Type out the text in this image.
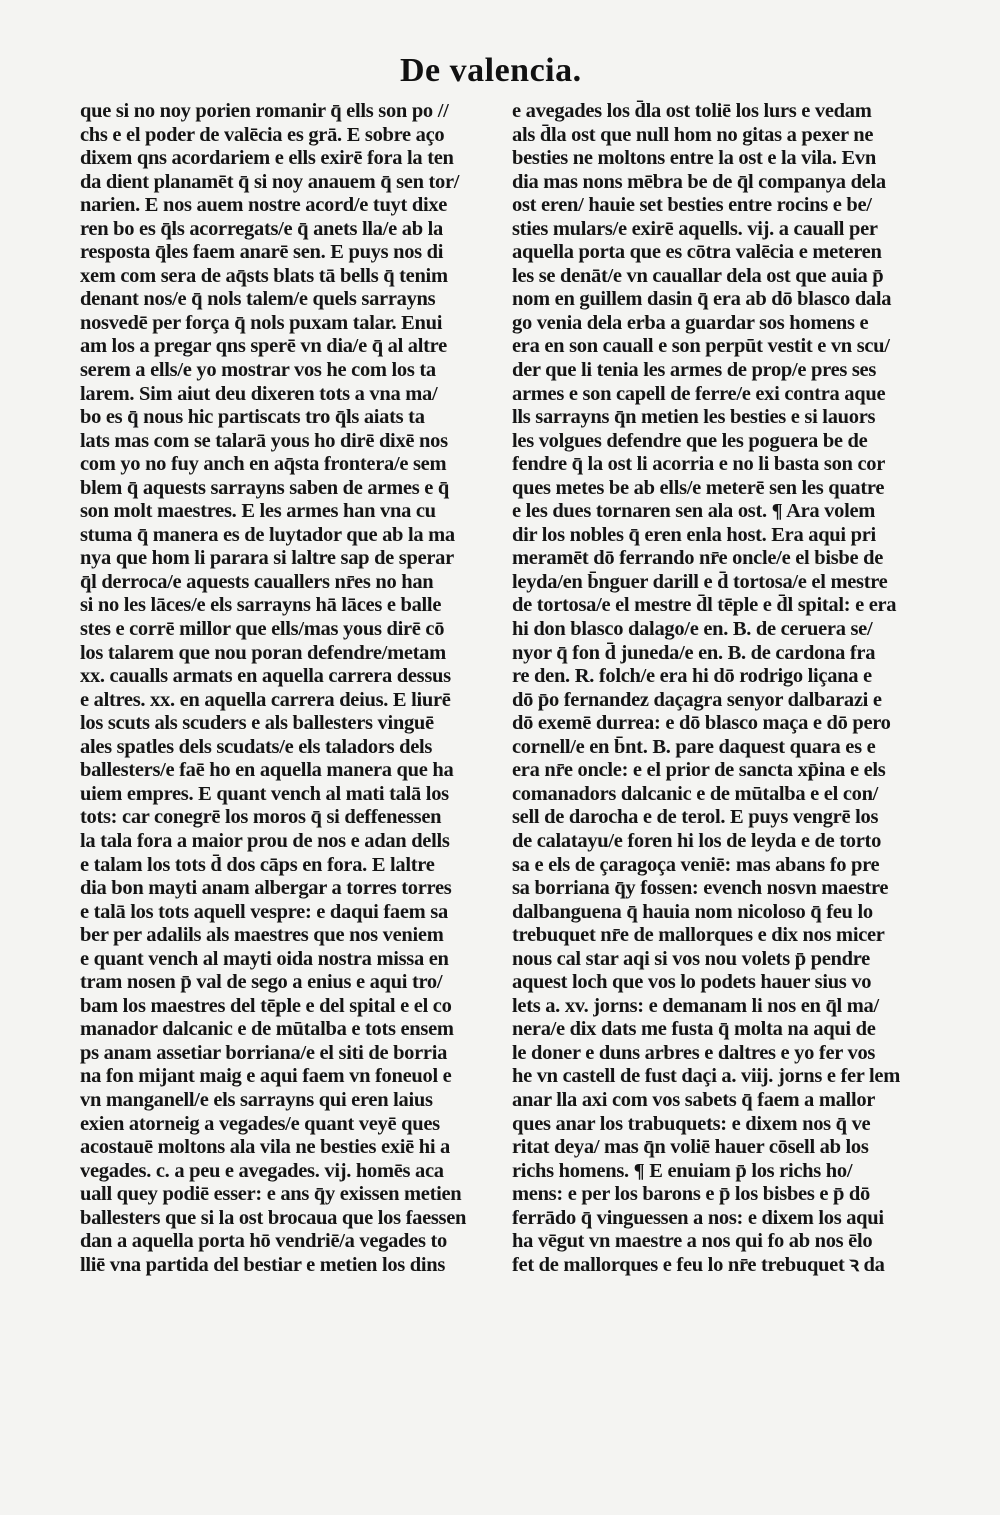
De valencia.
que si no noy porien romanir q̄ ells son po //
chs e el poder de valēcia es grā. E sobre aço
dixem qns acordariem e ells exirē fora la ten
da dient planamēt q̄ si noy anauem q̄ sen tor/
narien. E nos auem nostre acord/e tuyt dixe
ren bo es q̄ls acorregats/e q̄ anets lla/e ab la
resposta q̄les faem anarē sen. E puys nos di
xem com sera de aq̄sts blats tā bells q̄ tenim
denant nos/e q̄ nols talem/e quels sarrayns
nosvedē per força q̄ nols puxam talar. Enui
am los a pregar qns sperē vn dia/e q̄ al altre
serem a ells/e yo mostrar vos he com los ta
larem. Sim aiut deu dixeren tots a vna ma/
bo es q̄ nous hic partiscats tro q̄ls aiats ta
lats mas com se talarā yous ho dirē dixē nos
com yo no fuy anch en aq̄sta frontera/e sem
blem q̄ aquests sarrayns saben de armes e q̄
son molt maestres. E les armes han vna cu
stuma q̄ manera es de luytador que ab la ma
nya que hom li parara si laltre sap de sperar
q̄l derroca/e aquests cauallers nr̄es no han
si no les lāces/e els sarrayns hā lāces e balle
stes e corrē millor que ells/mas yous dirē cō
los talarem que nou poran defendre/metam
xx. caualls armats en aquella carrera dessus
e altres. xx. en aquella carrera deius. E liurē
los scuts als scuders e als ballesters vinguē
ales spatles dels scudats/e els taladors dels
ballesters/e faē ho en aquella manera que ha
uiem empres. E quant vench al mati talā los
tots: car conegrē los moros q̄ si deffenessen
la tala fora a maior prou de nos e adan dells
e talam los tots d̄ dos cāps en fora. E laltre
dia bon mayti anam albergar a torres torres
e talā los tots aquell vespre: e daqui faem sa
ber per adalils als maestres que nos veniem
e quant vench al mayti oida nostra missa en
tram nosen p̄ val de sego a enius e aqui tro/
bam los maestres del tēple e del spital e el co
manador dalcanic e de mūtalba e tots ensem
ps anam assetiar borriana/e el siti de borria
na fon mijant maig e aqui faem vn foneuol e
vn manganell/e els sarrayns qui eren laius
exien atorneig a vegades/e quant veyē ques
acostauē moltons ala vila ne besties exiē hi a
vegades. c. a peu e avegades. vij. homēs aca
uall quey podiē esser: e ans q̄y exissen metien
ballesters que si la ost brocaua que los faessen
dan a aquella porta hō vendriē/a vegades to
lliē vna partida del bestiar e metien los dins
e avegades los d̄la ost toliē los lurs e vedam
als d̄la ost que null hom no gitas a pexer ne
besties ne moltons entre la ost e la vila. Evn
dia mas nons mēbra be de q̄l companya dela
ost eren/ hauie set besties entre rocins e be/
sties mulars/e exirē aquells. vij. a cauall per
aquella porta que es cōtra valēcia e meteren
les se denāt/e vn cauallar dela ost que auia p̄
nom en guillem dasin q̄ era ab dō blasco dala
go venia dela erba a guardar sos homens e
era en son cauall e son perpūt vestit e vn scu/
der que li tenia les armes de prop/e pres ses
armes e son capell de ferre/e exi contra aque
lls sarrayns q̄n metien les besties e si lauors
les volgues defendre que les poguera be de
fendre q̄ la ost li acorria e no li basta son cor
ques metes be ab ells/e meterē sen les quatre
e les dues tornaren sen ala ost. ¶ Ara volem
dir los nobles q̄ eren enla host. Era aqui pri
meramēt dō ferrando nr̄e oncle/e el bisbe de
leyda/en b̄nguer darill e d̄ tortosa/e el mestre
de tortosa/e el mestre d̄l tēple e d̄l spital: e era
hi don blasco dalago/e en. B. de ceruera se/
nyor q̄ fon d̄ juneda/e en. B. de cardona fra
re den. R. folch/e era hi dō rodrigo liçana e
dō p̄o fernandez daçagra senyor dalbarazi e
dō exemē durrea: e dō blasco maça e dō pero
cornell/e en b̄nt. B. pare daquest quara es e
era nr̄e oncle: e el prior de sancta xp̄ina e els
comanadors dalcanic e de mūtalba e el con/
sell de darocha e de terol. E puys vengrē los
de calatayu/e foren hi los de leyda e de torto
sa e els de çaragoça veniē: mas abans fo pre
sa borriana q̄y fossen: evench nosvn maestre
dalbanguena q̄ hauia nom nicoloso q̄ feu lo
trebuquet nr̄e de mallorques e dix nos micer
nous cal star aqi si vos nou volets p̄ pendre
aquest loch que vos lo podets hauer sius vo
lets a. xv. jorns: e demanam li nos en q̄l ma/
nera/e dix dats me fusta q̄ molta na aqui de
le doner e duns arbres e daltres e yo fer vos
he vn castell de fust daçi a. viij. jorns e fer lem
anar lla axi com vos sabets q̄ faem a mallor
ques anar los trabuquets: e dixem nos q̄ ve
ritat deya/ mas q̄n voliē hauer cōsell ab los
richs homens. ¶ E enuiam p̄ los richs ho/
mens: e per los barons e p̄ los bisbes e p̄ dō
ferrādo q̄ vinguessen a nos: e dixem los aqui
ha vēgut vn maestre a nos qui fo ab nos ēlo
fet de mallorques e feu lo nr̄e trebuquet ꝛ da
